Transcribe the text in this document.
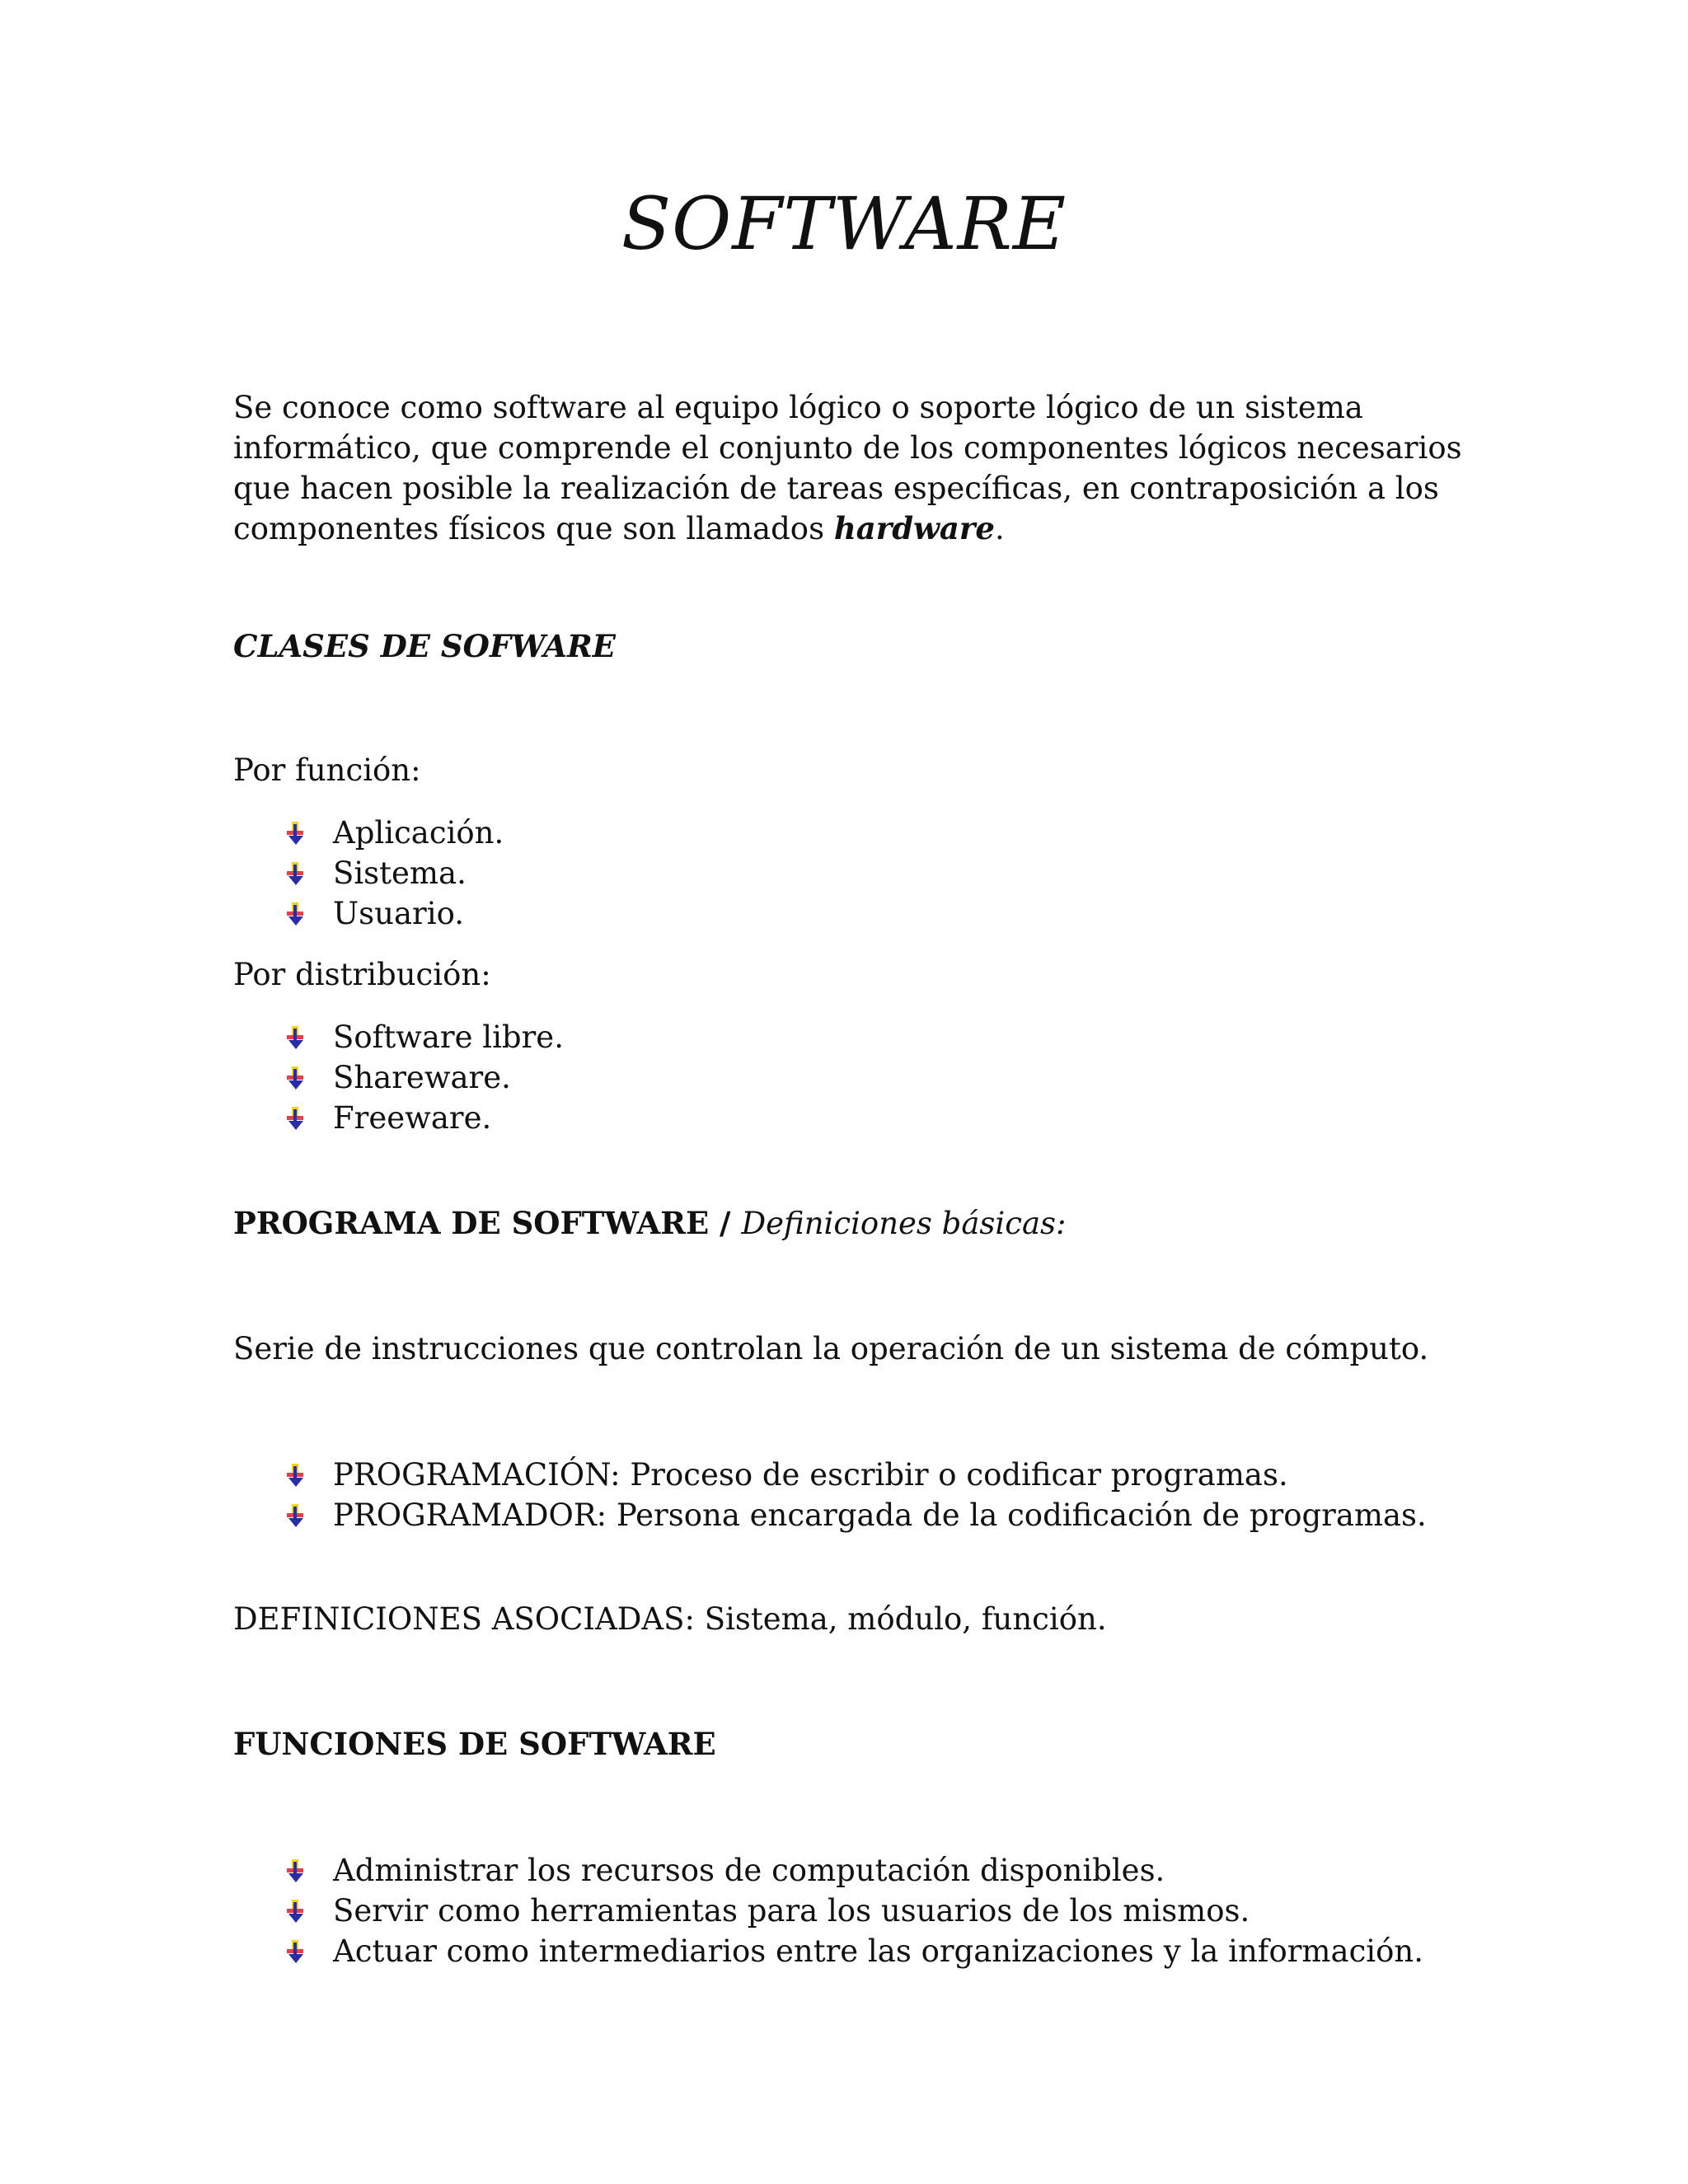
SOFTWARE

Se conoce como software al equipo lógico o soporte lógico de un sistema informático, que comprende el conjunto de los componentes lógicos necesarios que hacen posible la realización de tareas específicas, en contraposición a los componentes físicos que son llamados hardware.

CLASES DE SOFWARE

Por función:

Aplicación.
Sistema.
Usuario.

Por distribución:

Software libre.
Shareware.
Freeware.

PROGRAMA DE SOFTWARE / Definiciones básicas:

Serie de instrucciones que controlan la operación de un sistema de cómputo.

PROGRAMACIÓN: Proceso de escribir o codificar programas.
PROGRAMADOR: Persona encargada de la codificación de programas.

DEFINICIONES ASOCIADAS: Sistema, módulo, función.

FUNCIONES DE SOFTWARE

Administrar los recursos de computación disponibles.
Servir como herramientas para los usuarios de los mismos.
Actuar como intermediarios entre las organizaciones y la información.
